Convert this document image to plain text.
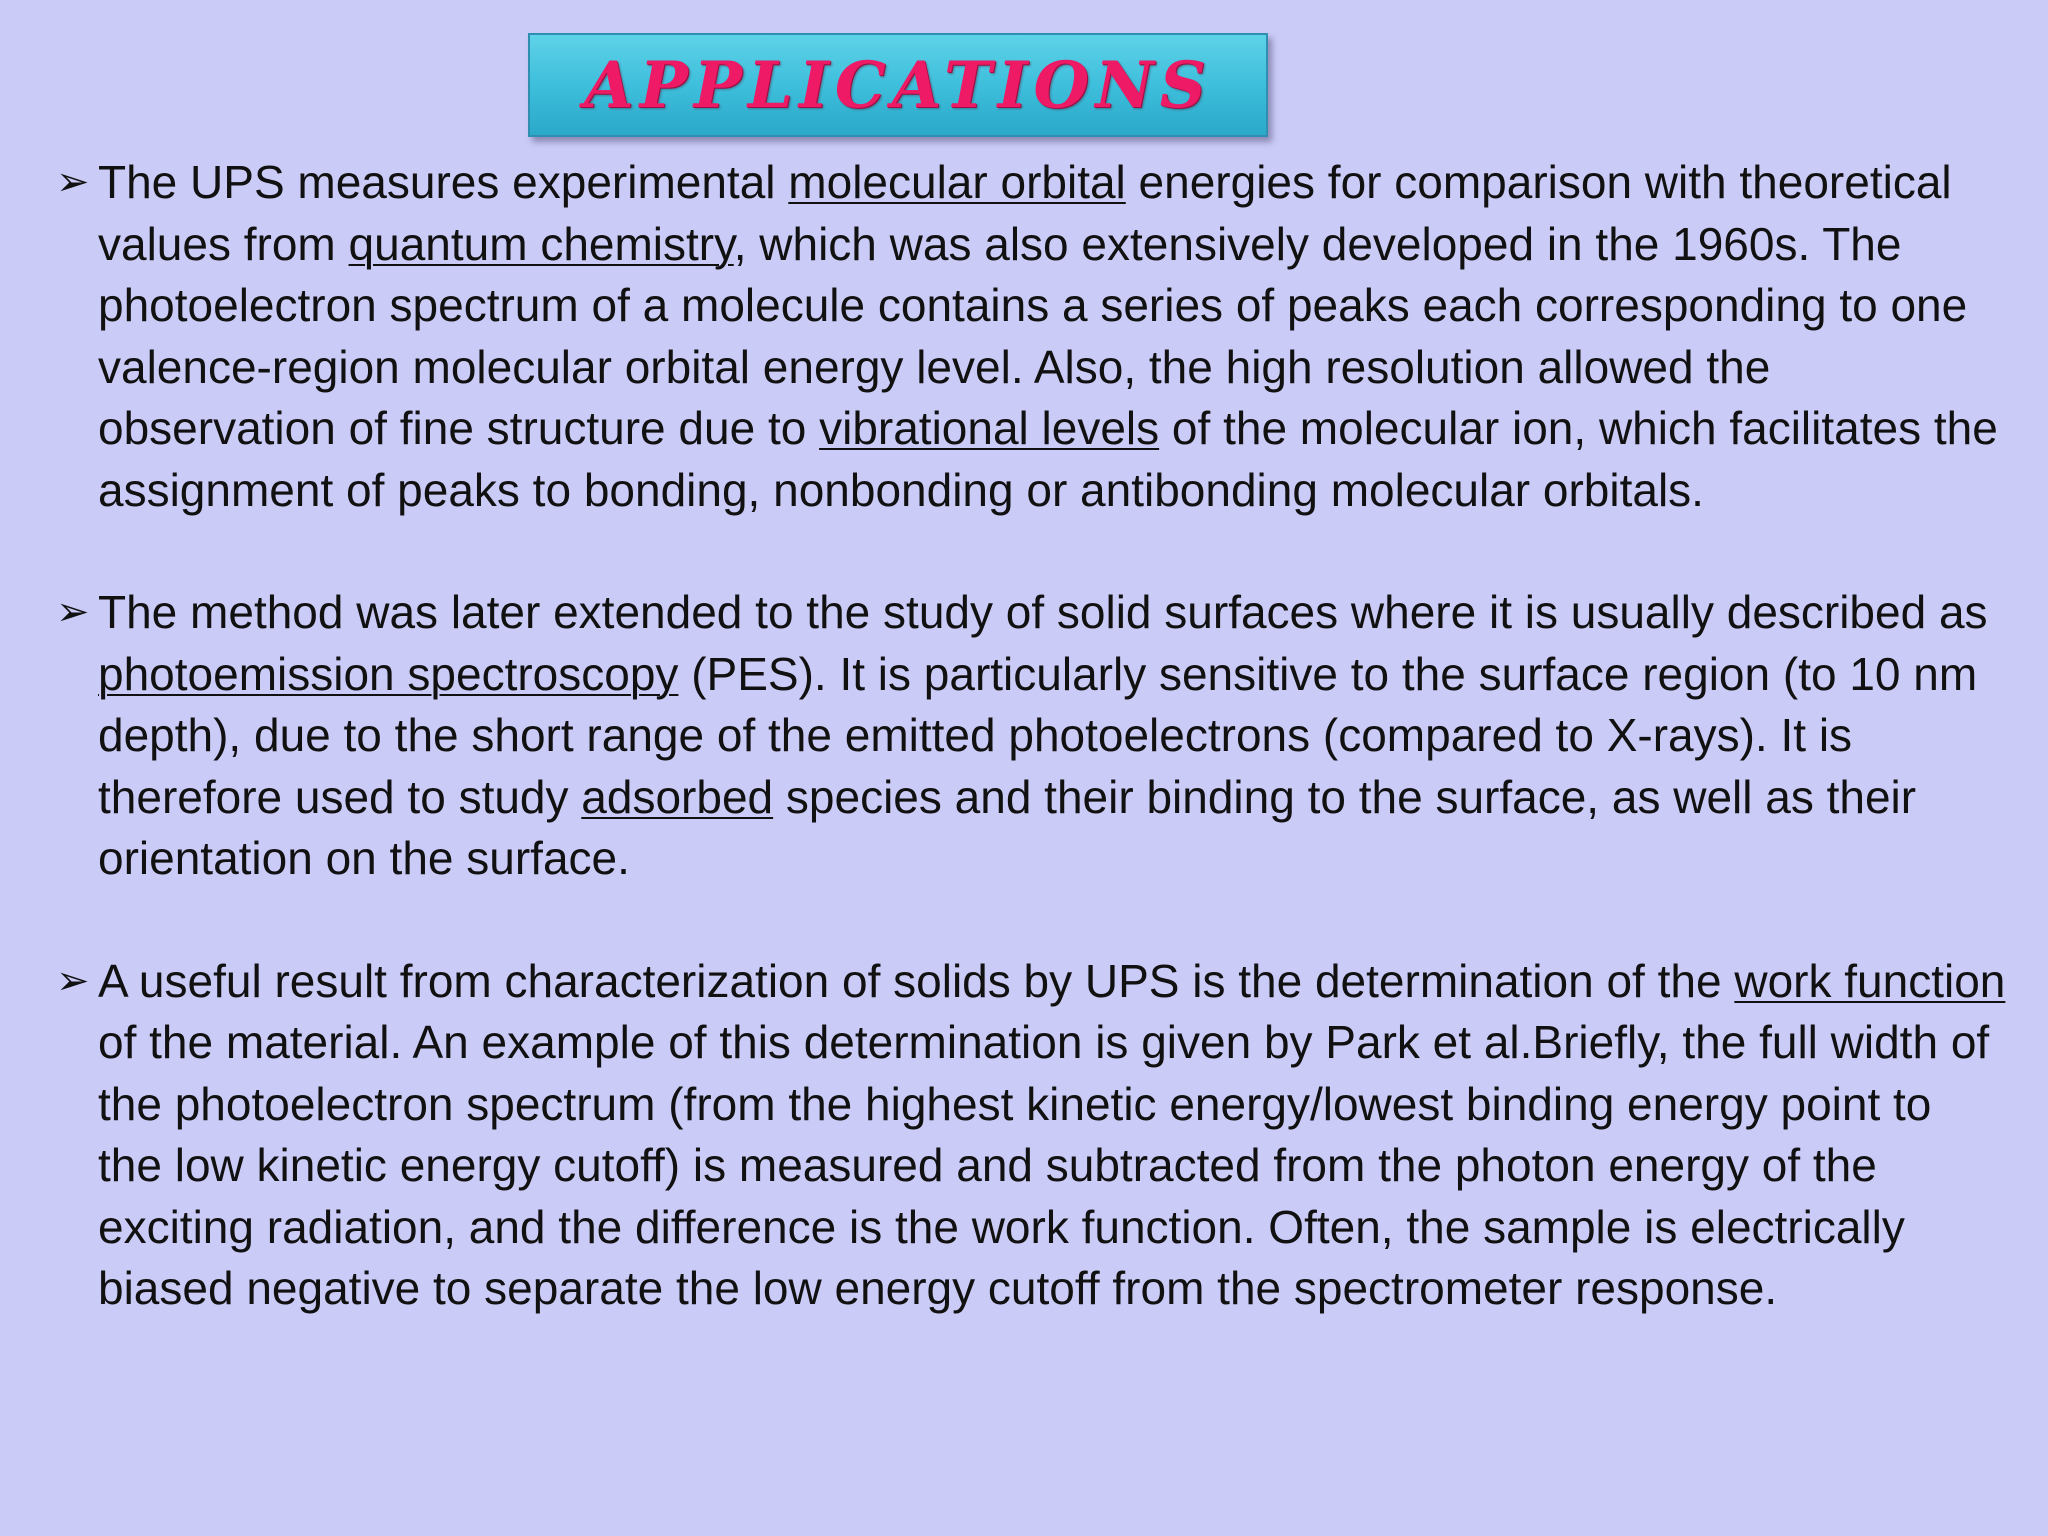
APPLICATIONS

➢ The UPS measures experimental molecular orbital energies for comparison with theoretical values from quantum chemistry, which was also extensively developed in the 1960s. The photoelectron spectrum of a molecule contains a series of peaks each corresponding to one valence-region molecular orbital energy level. Also, the high resolution allowed the observation of fine structure due to vibrational levels of the molecular ion, which facilitates the assignment of peaks to bonding, nonbonding or antibonding molecular orbitals.

➢ The method was later extended to the study of solid surfaces where it is usually described as photoemission spectroscopy (PES). It is particularly sensitive to the surface region (to 10 nm depth), due to the short range of the emitted photoelectrons (compared to X-rays). It is therefore used to study adsorbed species and their binding to the surface, as well as their orientation on the surface.

➢ A useful result from characterization of solids by UPS is the determination of the work function of the material. An example of this determination is given by Park et al.Briefly, the full width of the photoelectron spectrum (from the highest kinetic energy/lowest binding energy point to the low kinetic energy cutoff) is measured and subtracted from the photon energy of the exciting radiation, and the difference is the work function. Often, the sample is electrically biased negative to separate the low energy cutoff from the spectrometer response.
